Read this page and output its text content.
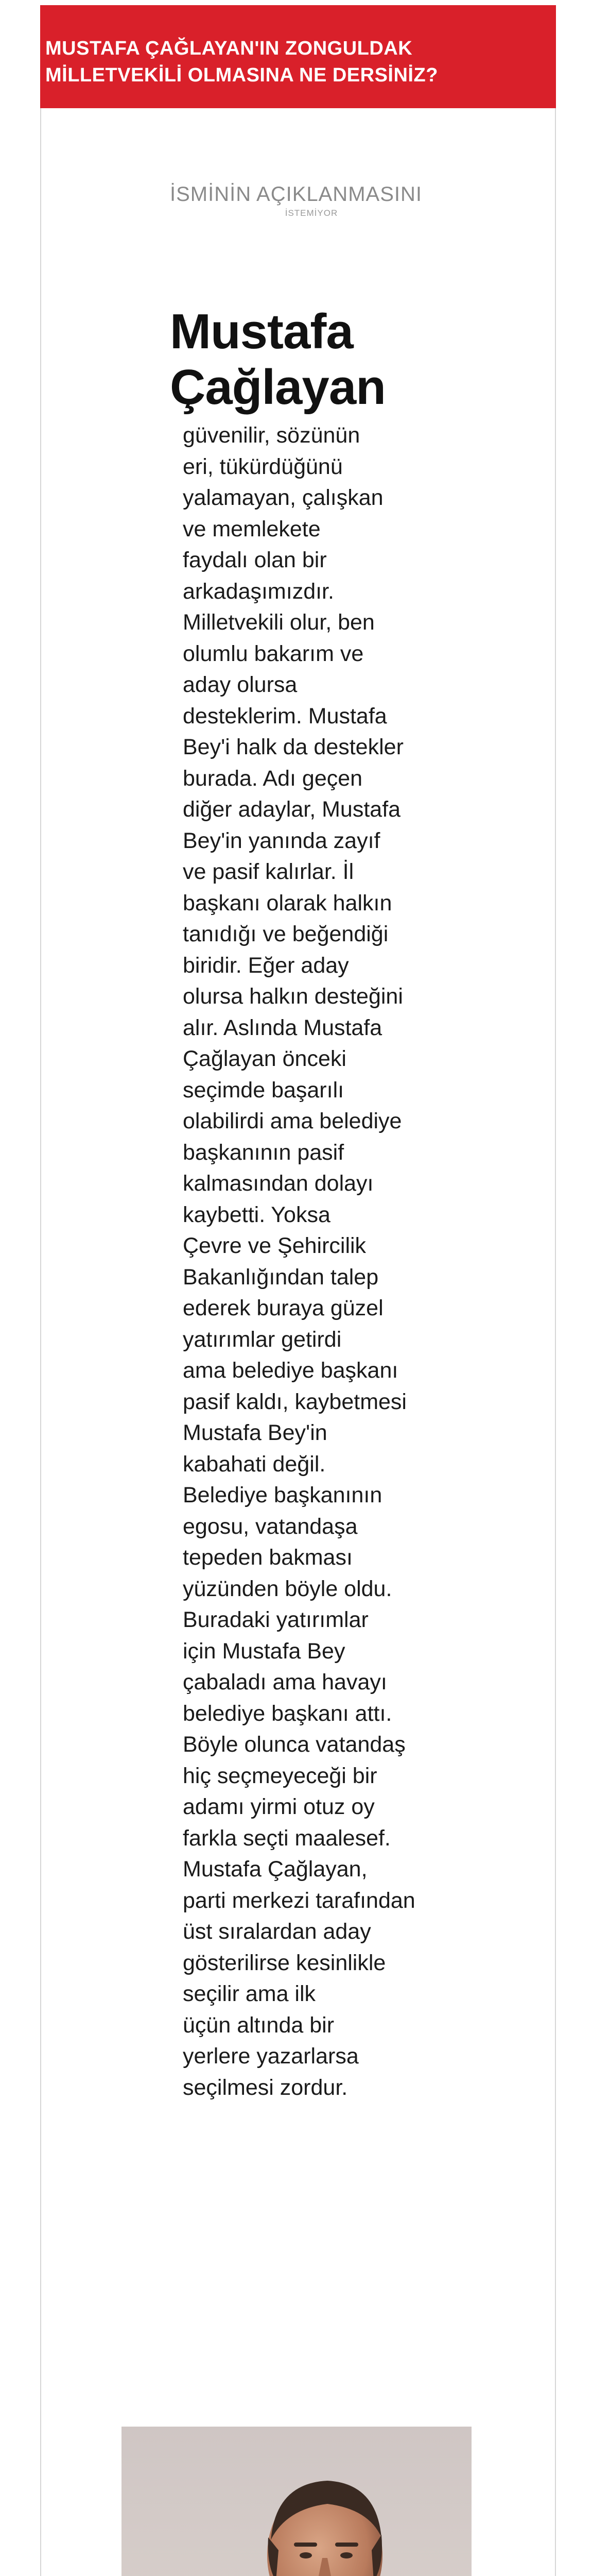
MUSTAFA ÇAĞLAYAN'IN ZONGULDAK
MİLLETVEKİLİ OLMASINA NE DERSİNİZ?
İSMİNİN AÇIKLANMASINI
İSTEMİYOR
Mustafa
Çağlayan
güvenilir, sözünün
eri, tükürdüğünü
yalamayan, çalışkan
ve memlekete
faydalı olan bir
arkadaşımızdır.
Milletvekili olur, ben
olumlu bakarım ve
aday olursa
desteklerim. Mustafa
Bey'i halk da destekler
burada. Adı geçen
diğer adaylar, Mustafa
Bey'in yanında zayıf
ve pasif kalırlar. İl
başkanı olarak halkın
tanıdığı ve beğendiği
biridir. Eğer aday
olursa halkın desteğini
alır. Aslında Mustafa
Çağlayan önceki
seçimde başarılı
olabilirdi ama belediye
başkanının pasif
kalmasından dolayı
kaybetti. Yoksa
Çevre ve Şehircilik
Bakanlığından talep
ederek buraya güzel
yatırımlar getirdi
ama belediye başkanı
pasif kaldı, kaybetmesi
Mustafa Bey'in
kabahati değil.
Belediye başkanının
egosu, vatandaşa
tepeden bakması
yüzünden böyle oldu.
Buradaki yatırımlar
için Mustafa Bey
çabaladı ama havayı
belediye başkanı attı.
Böyle olunca vatandaş
hiç seçmeyeceği bir
adamı yirmi otuz oy
farkla seçti maalesef.
Mustafa Çağlayan,
parti merkezi tarafından
üst sıralardan aday
gösterilirse kesinlikle
seçilir ama ilk
üçün altında bir
yerlere yazarlarsa
seçilmesi zordur.
